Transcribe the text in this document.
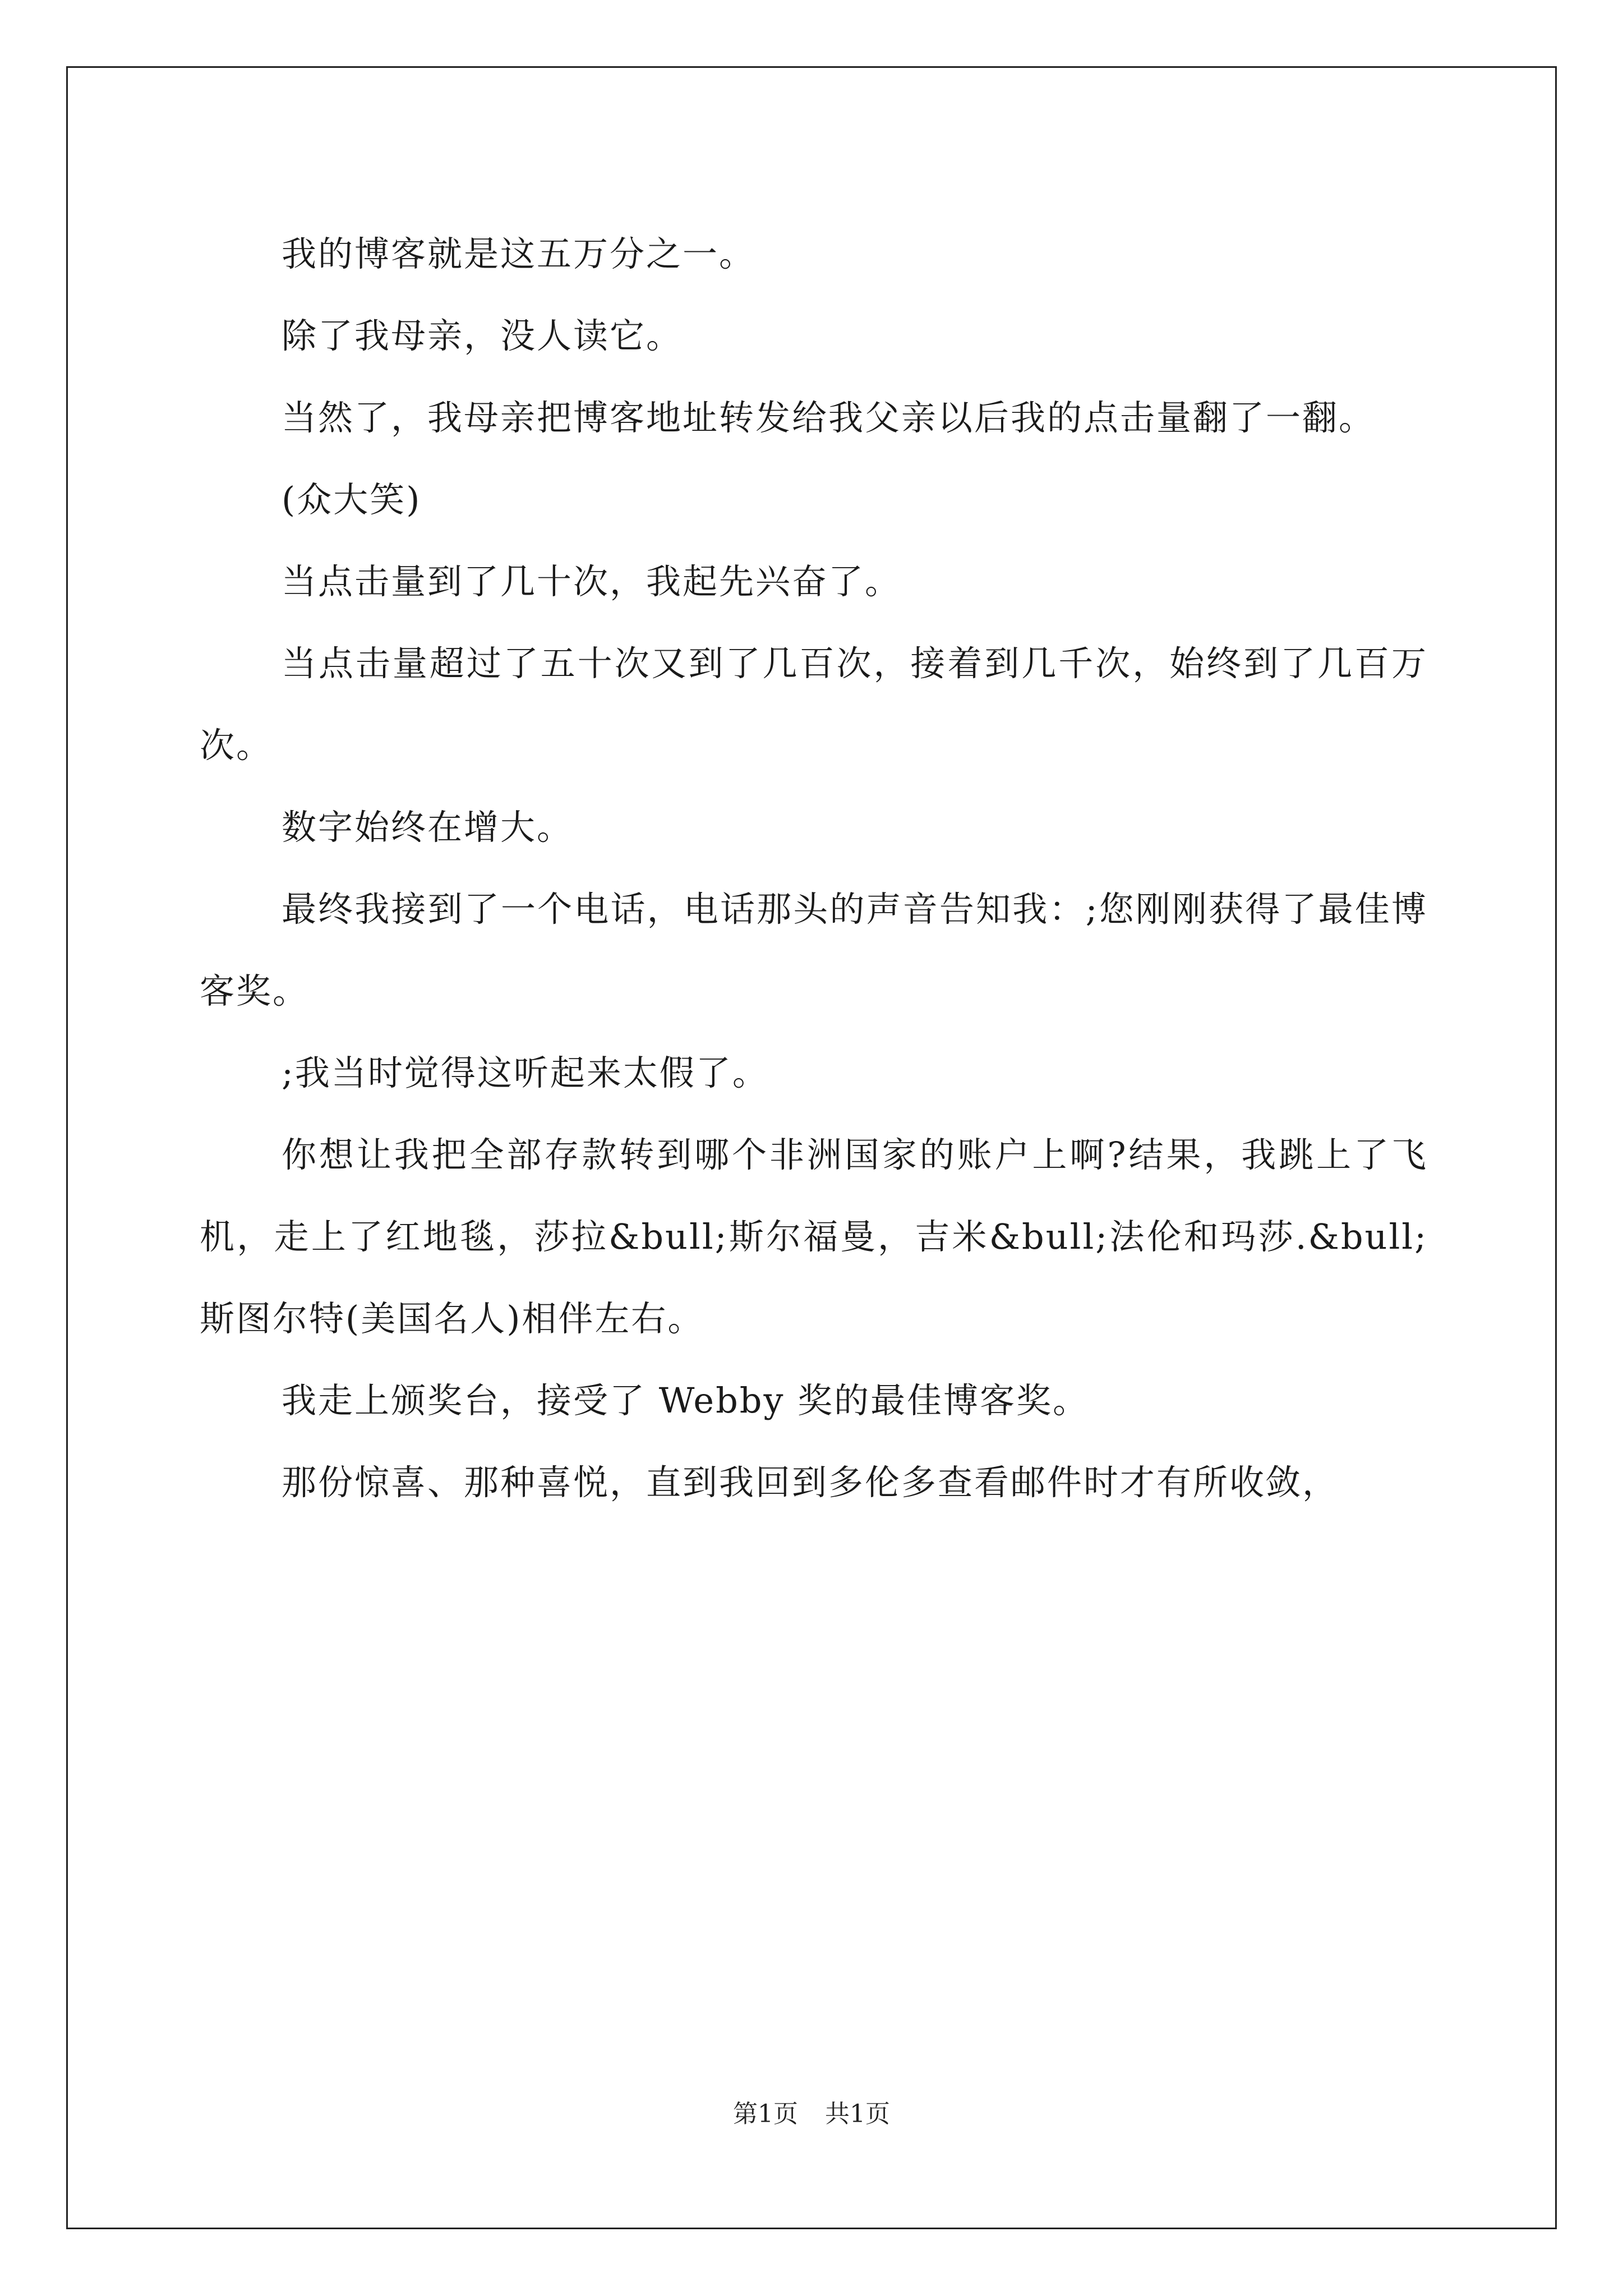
我的博客就是这五万分之一。

除了我母亲，没人读它。

当然了，我母亲把博客地址转发给我父亲以后我的点击量翻了一翻。

(众大笑)

当点击量到了几十次，我起先兴奋了。

当点击量超过了五十次又到了几百次，接着到几千次，始终到了几百万次。

数字始终在增大。

最终我接到了一个电话，电话那头的声音告知我：;您刚刚获得了最佳博客奖。

;我当时觉得这听起来太假了。

你想让我把全部存款转到哪个非洲国家的账户上啊?结果，我跳上了飞机，走上了红地毯，莎拉&bull;斯尔福曼，吉米&bull;法伦和玛莎.&bull;斯图尔特(美国名人)相伴左右。

我走上颁奖台，接受了 Webby 奖的最佳博客奖。

那份惊喜、那种喜悦，直到我回到多伦多查看邮件时才有所收敛，

第1页 共1页
